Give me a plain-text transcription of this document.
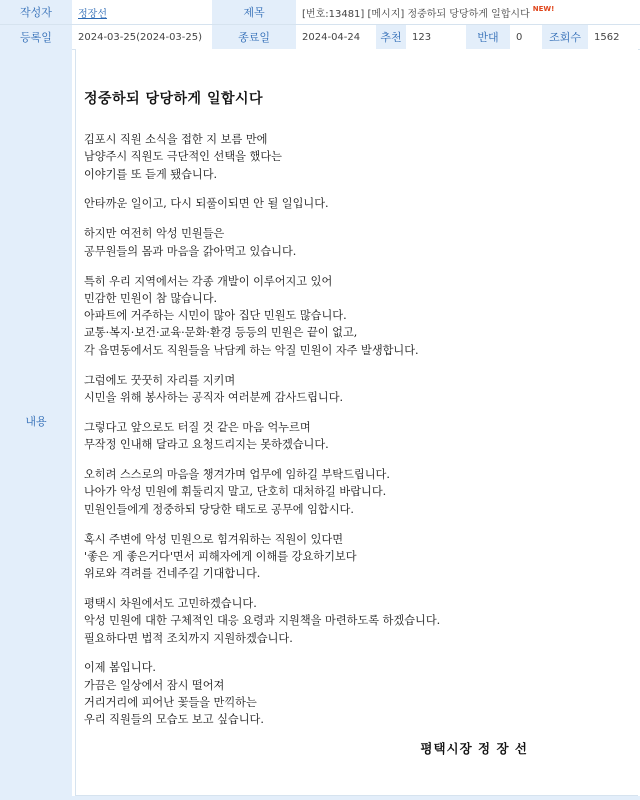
작성자	정장선	제목	[번호:13481] [메시지] 정중하되 당당하게 일합시다 $^{NEW!}$
등록일	2024-03-25(2024-03-25)	종료일	2024-04-24	추천	123	반대	0	조회수	1562
내용
정중하되 당당하게 일합시다
김포시 직원 소식을 접한 지 보름 만에
남양주시 직원도 극단적인 선택을 했다는
이야기를 또 듣게 됐습니다.
안타까운 일이고, 다시 되풀이되면 안 될 일입니다.
하지만 여전히 악성 민원들은
공무원들의 몸과 마음을 갉아먹고 있습니다.
특히 우리 지역에서는 각종 개발이 이루어지고 있어
민감한 민원이 참 많습니다.
아파트에 거주하는 시민이 많아 집단 민원도 많습니다.
교통·복지·보건·교육·문화·환경 등등의 민원은 끝이 없고,
각 읍면동에서도 직원들을 낙담케 하는 악질 민원이 자주 발생합니다.
그럼에도 꿋꿋히 자리를 지키며
시민을 위해 봉사하는 공직자 여러분께 감사드립니다.
그렇다고 앞으로도 터질 것 같은 마음 억누르며
무작정 인내해 달라고 요청드리지는 못하겠습니다.
오히려 스스로의 마음을 챙겨가며 업무에 임하길 부탁드립니다.
나아가 악성 민원에 휘둘리지 말고, 단호히 대처하길 바랍니다.
민원인들에게 정중하되 당당한 태도로 공무에 임합시다.
혹시 주변에 악성 민원으로 힘겨워하는 직원이 있다면
'좋은 게 좋은거다'면서 피해자에게 이해를 강요하기보다
위로와 격려를 건네주길 기대합니다.
평택시 차원에서도 고민하겠습니다.
악성 민원에 대한 구체적인 대응 요령과 지원책을 마련하도록 하겠습니다.
필요하다면 법적 조치까지 지원하겠습니다.
이제 봄입니다.
가끔은 일상에서 잠시 떨어져
거리거리에 피어난 꽃들을 만끽하는
우리 직원들의 모습도 보고 싶습니다.
평택시장 정 장 선
